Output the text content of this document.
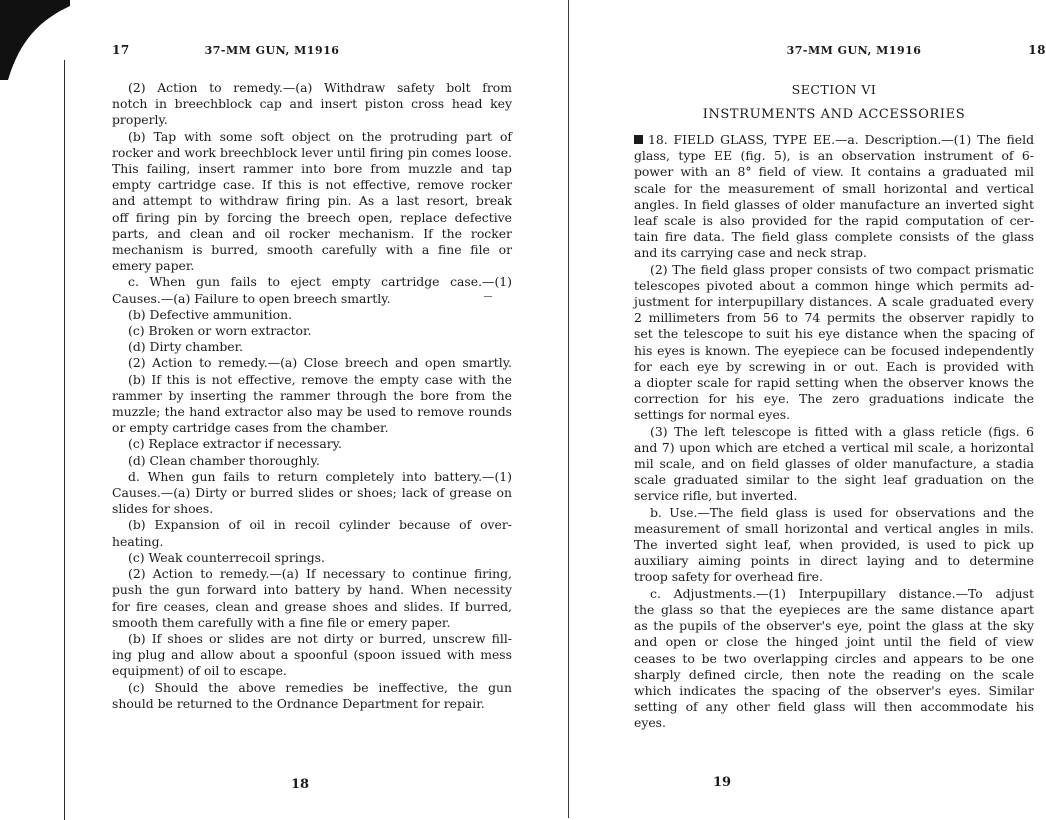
17	37-MM GUN, M1916
(2) Action to remedy.—(a) Withdraw safety bolt from
notch in breechblock cap and insert piston cross head key
properly.
(b) Tap with some soft object on the protruding part of
rocker and work breechblock lever until firing pin comes loose.
This failing, insert rammer into bore from muzzle and tap
empty cartridge case. If this is not effective, remove rocker
and attempt to withdraw firing pin. As a last resort, break
off firing pin by forcing the breech open, replace defective
parts, and clean and oil rocker mechanism. If the rocker
mechanism is burred, smooth carefully with a fine file or
emery paper.
c. When gun fails to eject empty cartridge case.—(1)
Causes.—(a) Failure to open breech smartly.
(b) Defective ammunition.
(c) Broken or worn extractor.
(d) Dirty chamber.
(2) Action to remedy.—(a) Close breech and open smartly.
(b) If this is not effective, remove the empty case with the
rammer by inserting the rammer through the bore from the
muzzle; the hand extractor also may be used to remove rounds
or empty cartridge cases from the chamber.
(c) Replace extractor if necessary.
(d) Clean chamber thoroughly.
d. When gun fails to return completely into battery.—(1)
Causes.—(a) Dirty or burred slides or shoes; lack of grease on
slides for shoes.
(b) Expansion of oil in recoil cylinder because of over-
heating.
(c) Weak counterrecoil springs.
(2) Action to remedy.—(a) If necessary to continue firing,
push the gun forward into battery by hand. When necessity
for fire ceases, clean and grease shoes and slides. If burred,
smooth them carefully with a fine file or emery paper.
(b) If shoes or slides are not dirty or burred, unscrew fill-
ing plug and allow about a spoonful (spoon issued with mess
equipment) of oil to escape.
(c) Should the above remedies be ineffective, the gun
should be returned to the Ordnance Department for repair.
18
37-MM GUN, M1916	18
SECTION VI
INSTRUMENTS AND ACCESSORIES
18. FIELD GLASS, TYPE EE.—a. Description.—(1) The field
glass, type EE (fig. 5), is an observation instrument of 6-
power with an 8° field of view. It contains a graduated mil
scale for the measurement of small horizontal and vertical
angles. In field glasses of older manufacture an inverted sight
leaf scale is also provided for the rapid computation of cer-
tain fire data. The field glass complete consists of the glass
and its carrying case and neck strap.
(2) The field glass proper consists of two compact prismatic
telescopes pivoted about a common hinge which permits ad-
justment for interpupillary distances. A scale graduated every
2 millimeters from 56 to 74 permits the observer rapidly to
set the telescope to suit his eye distance when the spacing of
his eyes is known. The eyepiece can be focused independently
for each eye by screwing in or out. Each is provided with
a diopter scale for rapid setting when the observer knows the
correction for his eye. The zero graduations indicate the
settings for normal eyes.
(3) The left telescope is fitted with a glass reticle (figs. 6
and 7) upon which are etched a vertical mil scale, a horizontal
mil scale, and on field glasses of older manufacture, a stadia
scale graduated similar to the sight leaf graduation on the
service rifle, but inverted.
b. Use.—The field glass is used for observations and the
measurement of small horizontal and vertical angles in mils.
The inverted sight leaf, when provided, is used to pick up
auxiliary aiming points in direct laying and to determine
troop safety for overhead fire.
c. Adjustments.—(1) Interpupillary distance.—To adjust
the glass so that the eyepieces are the same distance apart
as the pupils of the observer's eye, point the glass at the sky
and open or close the hinged joint until the field of view
ceases to be two overlapping circles and appears to be one
sharply defined circle, then note the reading on the scale
which indicates the spacing of the observer's eyes. Similar
setting of any other field glass will then accommodate his
eyes.
19
